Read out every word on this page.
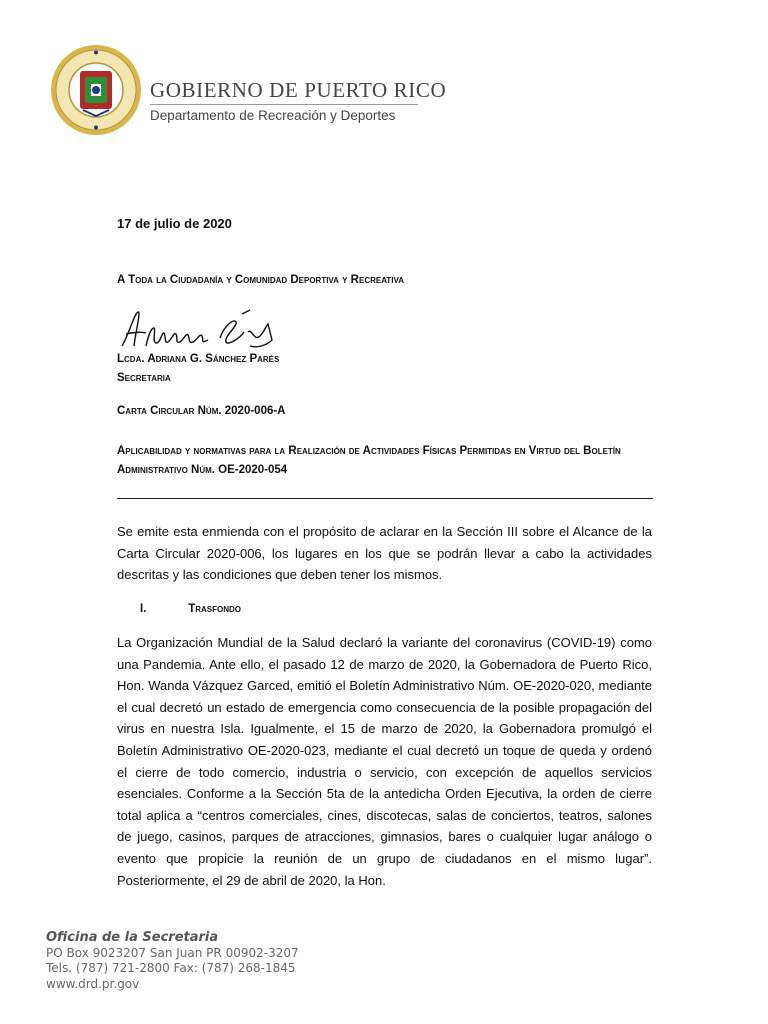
GOBIERNO DE PUERTO RICO
Departamento de Recreación y Deportes
17 de julio de 2020
A Toda la Ciudadanía y Comunidad Deportiva y Recreativa
Lcda. Adriana G. Sánchez Parés
Secretaria
Carta Circular Núm. 2020-006-A
Aplicabilidad y normativas para la Realización de Actividades Físicas Permitidas en Virtud del Boletín Administrativo Núm. OE-2020-054

Se emite esta enmienda con el propósito de aclarar en la Sección III sobre el Alcance de la Carta Circular 2020-006, los lugares en los que se podrán llevar a cabo la actividades descritas y las condiciones que deben tener los mismos.

I.	Trasfondo

La Organización Mundial de la Salud declaró la variante del coronavirus (COVID-19) como una Pandemia. Ante ello, el pasado 12 de marzo de 2020, la Gobernadora de Puerto Rico, Hon. Wanda Vázquez Garced, emitió el Boletín Administrativo Núm. OE-2020-020, mediante el cual decretó un estado de emergencia como consecuencia de la posible propagación del virus en nuestra Isla. Igualmente, el 15 de marzo de 2020, la Gobernadora promulgó el Boletín Administrativo OE-2020-023, mediante el cual decretó un toque de queda y ordenó el cierre de todo comercio, industria o servicio, con excepción de aquellos servicios esenciales. Conforme a la Sección 5ta de la antedicha Orden Ejecutiva, la orden de cierre total aplica a “centros comerciales, cines, discotecas, salas de conciertos, teatros, salones de juego, casinos, parques de atracciones, gimnasios, bares o cualquier lugar análogo o evento que propicie la reunión de un grupo de ciudadanos en el mismo lugar”. Posteriormente, el 29 de abril de 2020, la Hon.

Oficina de la Secretaria
PO Box 9023207 San Juan PR 00902-3207
Tels. (787) 721-2800 Fax: (787) 268-1845
www.drd.pr.gov
